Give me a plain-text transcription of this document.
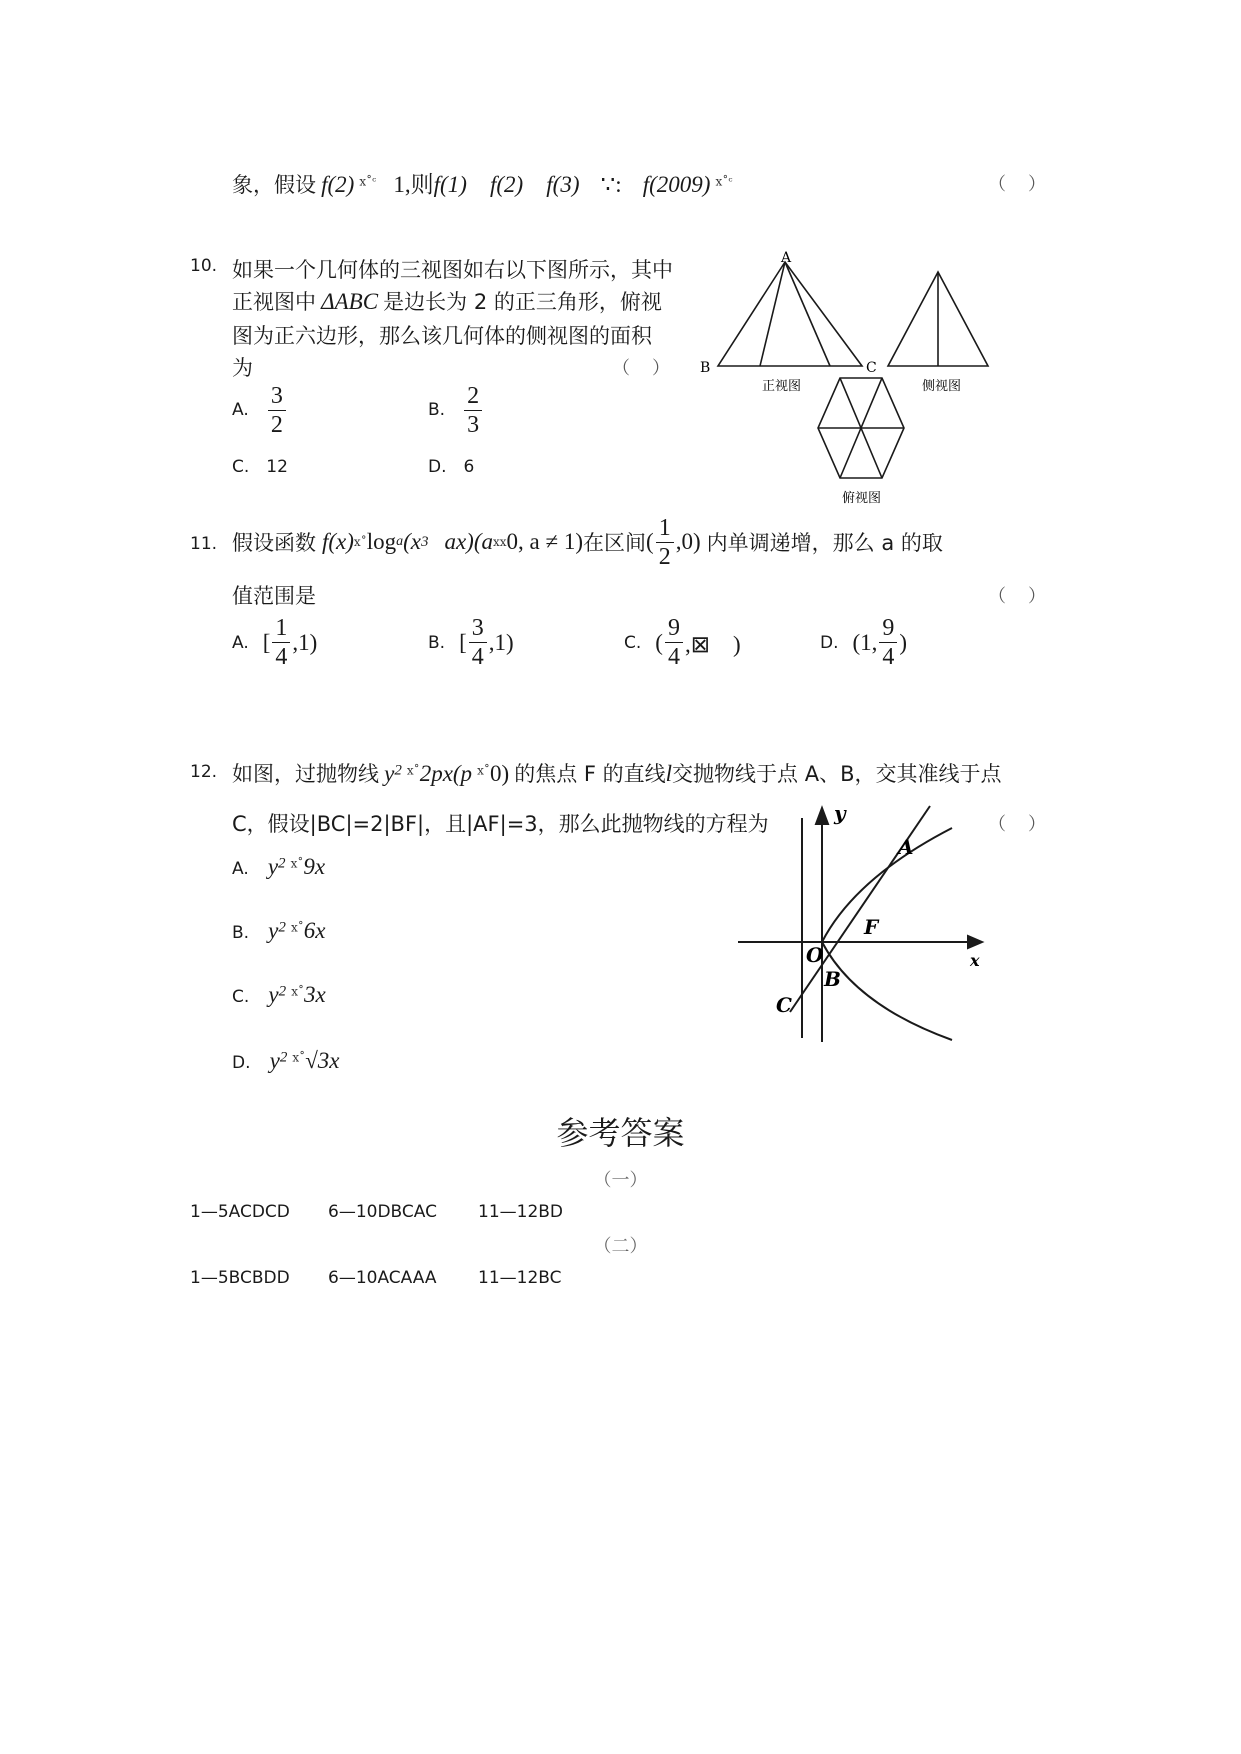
象，假设 f(2) $^{x˚ᶜ}$ 1,则f(1) f(2) f(3) ∵: f(2009) $^{x˚ᶜ}$	（　）
10. 如果一个几何体的三视图如右以下图所示，其中
正视图中 ΔABC 是边长为 2 的正三角形，俯视
图为正六边形，那么该几何体的侧视图的面积
为	（　）
A. $\frac{3}{2}$	B. $\frac{2}{3}$
C.　12	D.　6
A
B	C
正视图	侧视图
俯视图
11. 假设函数 f(x) x˚ log a (x 3 ax)(a xx 0, a ≠ 1) 在区间 ( $\frac{1}{2} ,0$) 内单调递增，那么 a 的取
值范围是	（　）
A. [ $\frac{1}{4} ,1$)	B. [ $\frac{3}{4} ,1$)	C. ( $\frac{9}{4}$ ,⊠　)	D. (1, $\frac{9}{4}$ )
12. 如图，过抛物线 y2 $^{x˚}$2px(p $^{x˚}$0) 的焦点 F 的直线l交抛物线于点 A、B，交其准线于点
C，假设|BC|=2|BF|，且|AF|=3，那么此抛物线的方程为	（　）
A. y2 $^{x˚}$9x
B. y2 $^{x˚}$6x
C. y2 $^{x˚}$3x
D. y2 $^{x˚}$√3x
y
x
A
F
O
B
C
参考答案
（一）
1—5ACDCD 6—10DBCAC 11—12BD
（二）
1—5BCBDD 6—10ACAAA 11—12BC
